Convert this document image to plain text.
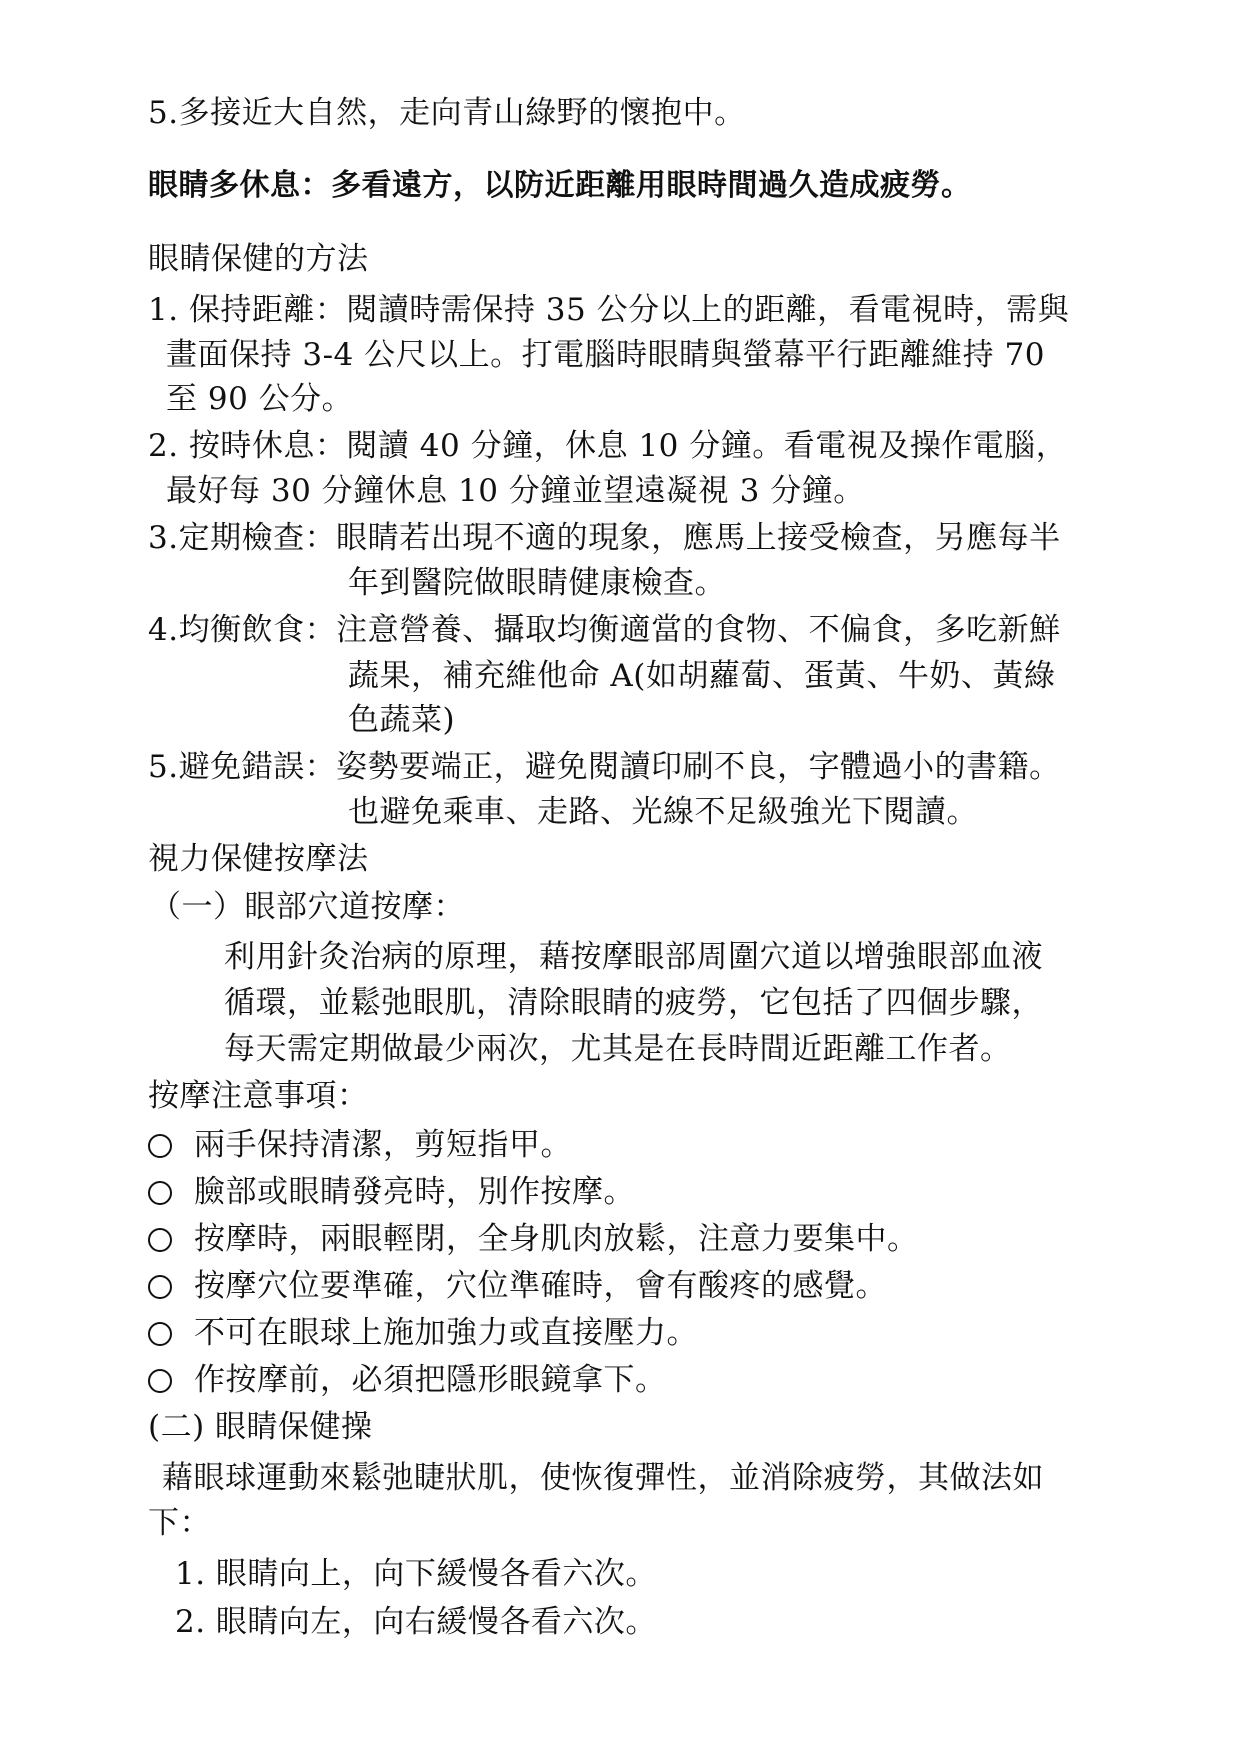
5.多接近大自然，走向青山綠野的懷抱中。
眼睛多休息：多看遠方，以防近距離用眼時間過久造成疲勞。
眼睛保健的方法
1. 保持距離：閱讀時需保持 35 公分以上的距離，看電視時，需與
畫面保持 3-4 公尺以上。打電腦時眼睛與螢幕平行距離維持 70
至 90 公分。
2. 按時休息：閱讀 40 分鐘，休息 10 分鐘。看電視及操作電腦，
最好每 30 分鐘休息 10 分鐘並望遠凝視 3 分鐘。
3.定期檢查：眼睛若出現不適的現象，應馬上接受檢查，另應每半
年到醫院做眼睛健康檢查。
4.均衡飲食：注意營養、攝取均衡適當的食物、不偏食，多吃新鮮
蔬果，補充維他命 A(如胡蘿蔔、蛋黃、牛奶、黃綠
色蔬菜)
5.避免錯誤：姿勢要端正，避免閱讀印刷不良，字體過小的書籍。
也避免乘車、走路、光線不足級強光下閱讀。
視力保健按摩法
（一）眼部穴道按摩：
利用針灸治病的原理，藉按摩眼部周圍穴道以增強眼部血液
循環，並鬆弛眼肌，清除眼睛的疲勞，它包括了四個步驟，
每天需定期做最少兩次，尤其是在長時間近距離工作者。
按摩注意事項：
兩手保持清潔，剪短指甲。
臉部或眼睛發亮時，別作按摩。
按摩時，兩眼輕閉，全身肌肉放鬆，注意力要集中。
按摩穴位要準確，穴位準確時，會有酸疼的感覺。
不可在眼球上施加強力或直接壓力。
作按摩前，必須把隱形眼鏡拿下。
(二) 眼睛保健操
藉眼球運動來鬆弛睫狀肌，使恢復彈性，並消除疲勞，其做法如
下：
1. 眼睛向上，向下緩慢各看六次。
2. 眼睛向左，向右緩慢各看六次。
